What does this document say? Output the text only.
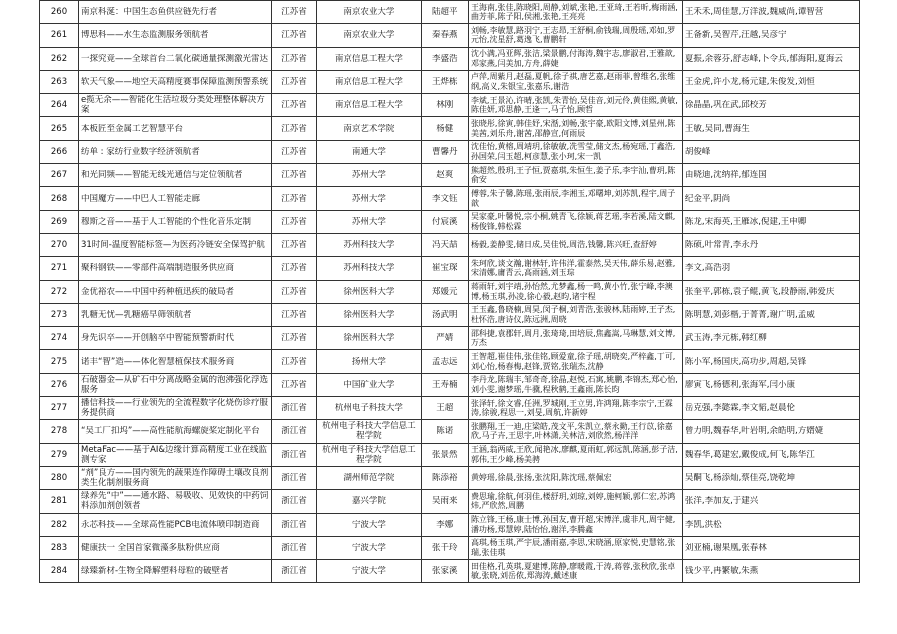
260	南京科涎：中国生态鱼供应链先行者	江苏省	南京农业大学	陆超平	王海南,张佳,陈晓阳,周静,刘斌,张艳,王亚琦,王若昕,梅雨涵,曲芳菲,陈子阳,侯湘,张艳,王亮亮	王禾禾,周佳慧,万洋波,魏威尚,谭智营

261	博思科——水生态监测服务领航者	江苏省	南京农业大学	秦春燕	刘畅,李敏慧,路羽宁,王志昂,王舒桐,俞钱瑞,周殷瑶,邓如,罗元怡,沈星舒,葛逸飞,曹鹏轩	王备新,吴智芹,汪越,吴彦宁

262	一探究竟——全球首台二氧化碳通量探测激光雷达	江苏省	南京信息工程大学	李盛浩	沈小满,冯亚辉,张洁,梁景鹏,付海涛,魏宇志,廖淑君,王雅歆,邓家燕,闫美加,方舟,薛婕	夏振,余蓉芬,舒志峰,卜令兵,郁海阳,夏海云

263	软天气象——地空天高精度赛事保障监测预警系统	江苏省	南京信息工程大学	王烨栋	卢萍,周紫月,赵磊,夏帆,徐子祺,唐艺嘉,赵雨菲,曾维名,张维纲,高义,朱银宝,张嘉乐,谢浩	王金虎,许小龙,杨元建,朱俊发,刘恒

264	e揽无余——智能化生活垃圾分类处理整体解决方案	江苏省	南京信息工程大学	林刚	李斌,王景沁,许晴,张凯,朱青怡,吴佳音,刘元伶,黄佳熙,黄敏,陈佳妍,邓思静,王逢一,马子怡,顾哲	徐晶晶,巩在武,邱校芳

265	本板匠至金属工艺智慧平台	江苏省	南京艺术学院	杨健	张晓彤,徐寅,韩佳妤,宋湉,刘畅,张宇豪,欧阳文博,刘星州,陈美茜,刘乐舟,谢茜,邵静宣,何雨辰	王敏,吴同,曹海生

266	纺单 : 家纺行业数字经济领航者	江苏省	南通大学	曹馨丹	沈佳怡,黄榕,周靖玥,徐敏敏,冼雪莹,储文杰,杨宛瑶,丁鑫浩,孙国荣,闫玉超,柯彦慧,张小珂,宋一凯	胡俊峰

267	和光同频——智能无线光通信与定位领航者	江苏省	苏州大学	赵爽	熊超然,殷玥,王子恒,贾嘉琪,朱恒生,姜子乐,李宇汕,曹玥,陈俞安	由晓迪,沈纳祥,郁连国

268	中国魔方——中巴人工智能走廊	江苏省	苏州大学	李文钰	傅蓉,朱子馨,陈瑶,张雨辰,李湘玉,邓曙坤,刘苏凯,程宇,周子歆	纪金平,阴尚

269	穆斯之音——基于人工智能的个性化音乐定制	江苏省	苏州大学	付宸溪	吴家豪,叶馨悦,宗小桐,姚青飞,徐颖,蒋艺瑶,李若溪,陆文麒,杨俊锋,韩松霖	陈龙,宋海英,王雁冰,倪建,王申卿

270	31时间-温度智能标签—为医药冷链安全保驾护航	江苏省	苏州科技大学	冯天喆	杨毅,姜静雯,储日成,吴佳悦,周浩,钱馨,陈兴旺,查舒婷	陈硕,叶常青,李永丹

271	聚科钢铁——零部件高端制造服务供应商	江苏省	苏州科技大学	崔宝琛	朱珂欣,谈文瀚,谢林轩,许伟洋,霍泰然,吴天伟,薛乐易,赵雅,宋清娜,庸青云,高雨涵,刘玉琮	李文,高浩羽

272	金优裕农——中国中药种植迅疾的破局者	江苏省	徐州医科大学	郑媛元	蒋雨轩,刘宇靖,孙怡然,尤梦鑫,杨一鸣,黄小竹,张宁峰,李澳博,杨玉琪,孙凌,徐心毅,赵昀,诸宇程	张奎平,郭栋,袁子鲲,黄飞,段静雨,韩爱庆

273	乳糖无忧—乳糖癌早筛领航者	江苏省	徐州医科大学	汤武明	王玉鑫,鲁晓楠,周昊,闵子桐,刘青浩,张骏林,陆雨婷,王子杰,杜怀浩,唐诗仪,陈远洲,周晓	陈明慧,刘彭楷,于菁菁,谢广明,孟威

274	身先识卒——开创脑卒中智能预警新时代	江苏省	徐州医科大学	严婧	邵科捷,袁郡轩,周月,张琦琦,田培辰,焦鑫嵩,马琳慧,刘文博,万杰	武玉涛,李元栋,韩红柳

275	诺丰“智”造——体化智慧植保技术服务商	江苏省	扬州大学	孟志远	王智超,崔佳伟,张佳铭,顾爱童,徐子瑶,胡晓奕,严梓鑫,丁可,刘心怡,杨春梅,赵锋,贾铭,张瑞杰,沈静	陈小军,杨国庆,高功步,周超,吴锋

276	石破器金—从矿石中分离战略金属的泡沸强化浮选服务	江苏省	中国矿业大学	王寿楠	李丹龙,陈瑞丰,邹奇奇,徐晶,赵悦,石寓,姚鹏,李锦杰,郑心怡,刘小雯,谢梦瑶,牛骥,程秋鹤,王鑫雨,陈长昀	廖寅飞,杨德利,张海军,闫小康

277	播信科技——行业领先的全流程数字化烧伤诊疗服务提供商	浙江省	杭州电子科技大学	王超	张泽轩,徐文睿,任洲,罗城刚,王立男,许鸿翔,陈李宗宁,王霖涛,徐骏,程思一,刘旻,周航,许新婷	岳克强,李懿霖,李文韬,赵晨伦

278	“吴工厂扣坞”——高性能航海螺旋桨定制化平台	浙江省	杭州电子科技大学信息工程学院	陈诺	张鹏翔,王一迪,庄梁皓,茂文平,朱凯立,蔡永勤,王行苡,徐嘉欣,马子卉,王思宇,叶林潇,关林洁,刘欣然,杨洋洋	曾力明,魏春华,叶岩明,余皓明,方婿婕

279	MetaFac——基于AI&边缘计算高精度工业在线监测专家	浙江省	杭州电子科技大学信息工程学院	张景然	王涵,翁两威,王欣,闻艳冰,廖麒,夏雨虹,郭远凯,陈涵,彭子洁,郭伟,王少峰,杨美骋	魏春华,葛建宏,戴俊成,何飞,陈华江

280	“剂”良方——国内领先的蔬果连作障碍土壤改良剂类生化制剂服务商	浙江省	湖州师范学院	陈添裕	黄婷瑶,徐晨,张扬,张沈阳,陈沈瑶,蔡佩宏	吴酮飞,杨添灿,蔡佳亮,饶乾坤

281	绿养先“中”——通水路、易吸收、见效快的中药饲料添加剂创领者	浙江省	嘉兴学院	吴雨来	费思瑜,徐航,何羽佳,楼舒玥,刘琼,刘婷,施柯颖,郭仁宏,苏鸿炜,严欣然,周鹏	张洋,李加友,于建兴

282	永芯科技——全球高性能PCB电流体喷印制造商	浙江省	宁波大学	李娜	陈立锋,王杨,康士博,孙国友,曹开超,宋博洋,虞非凡,周宇健,潘功杨,郑慧婷,陆怡怡,谢洋,李腾鑫	李凯,洪松

283	健康扶一 全国首家微藻多肽粉供应商	浙江省	宁波大学	张千玲	高琪,杨玉琪,严宇辰,潘雨嘉,李思,宋晓涵,原家悦,史慧铭,张瑞,张佳琪	刘亚楠,谢果凰,张春林

284	绿臻新材-生物全降解塑料母粒的破壁者	浙江省	宁波大学	张家溪	田佳格,孔英琪,夏建博,陈静,廖暖霞,于涛,蒋蓉,张秋欣,张卓敏,张晓,刘岳侬,郑海涛,戴述康	钱少平,冉繁敏,朱燕
